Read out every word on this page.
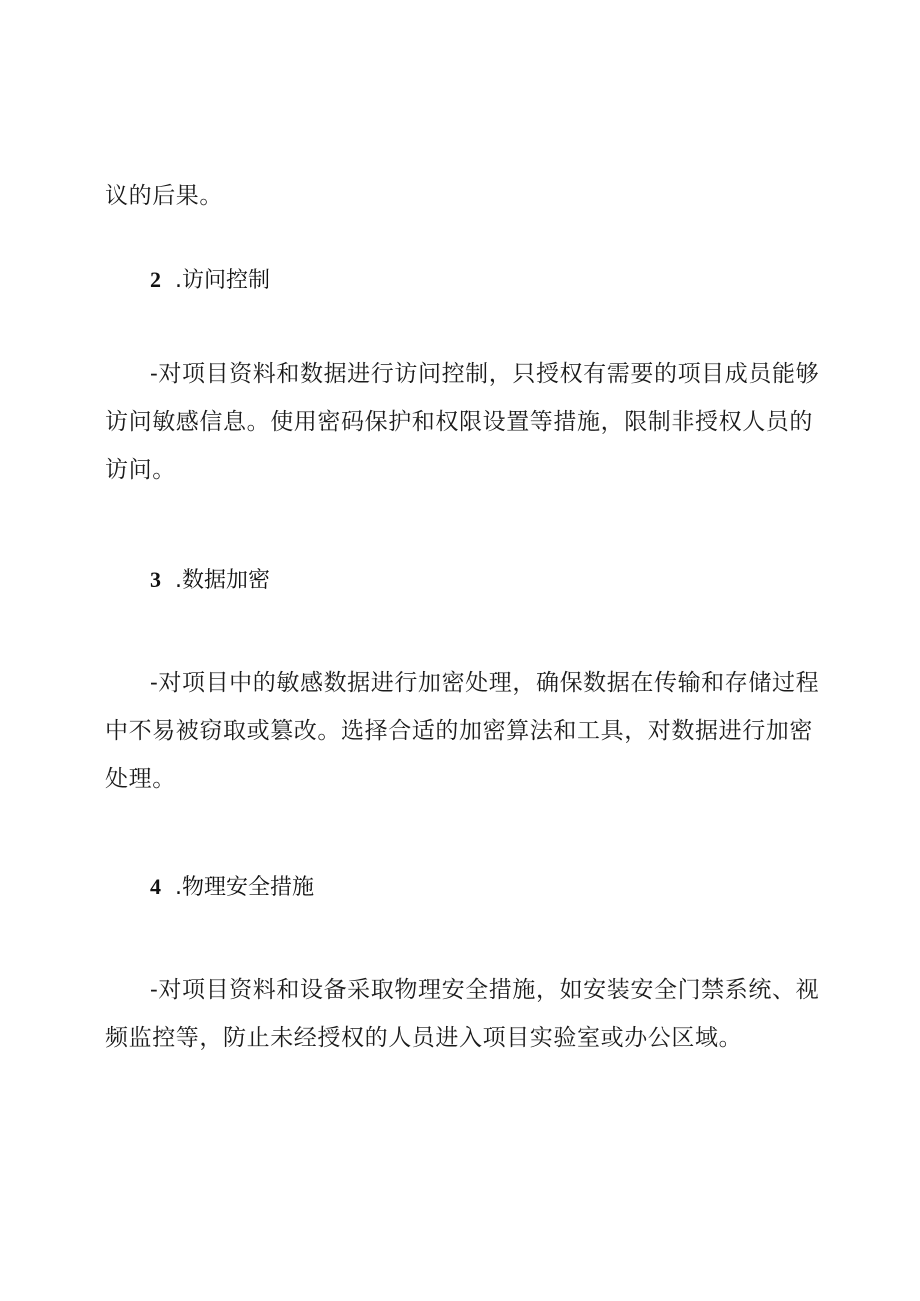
议的后果。
2 .访问控制
-对项目资料和数据进行访问控制，只授权有需要的项目成员能够
访问敏感信息。使用密码保护和权限设置等措施，限制非授权人员的
访问。
3 .数据加密
-对项目中的敏感数据进行加密处理，确保数据在传输和存储过程
中不易被窃取或篡改。选择合适的加密算法和工具，对数据进行加密
处理。
4 .物理安全措施
-对项目资料和设备采取物理安全措施，如安装安全门禁系统、视
频监控等，防止未经授权的人员进入项目实验室或办公区域。
